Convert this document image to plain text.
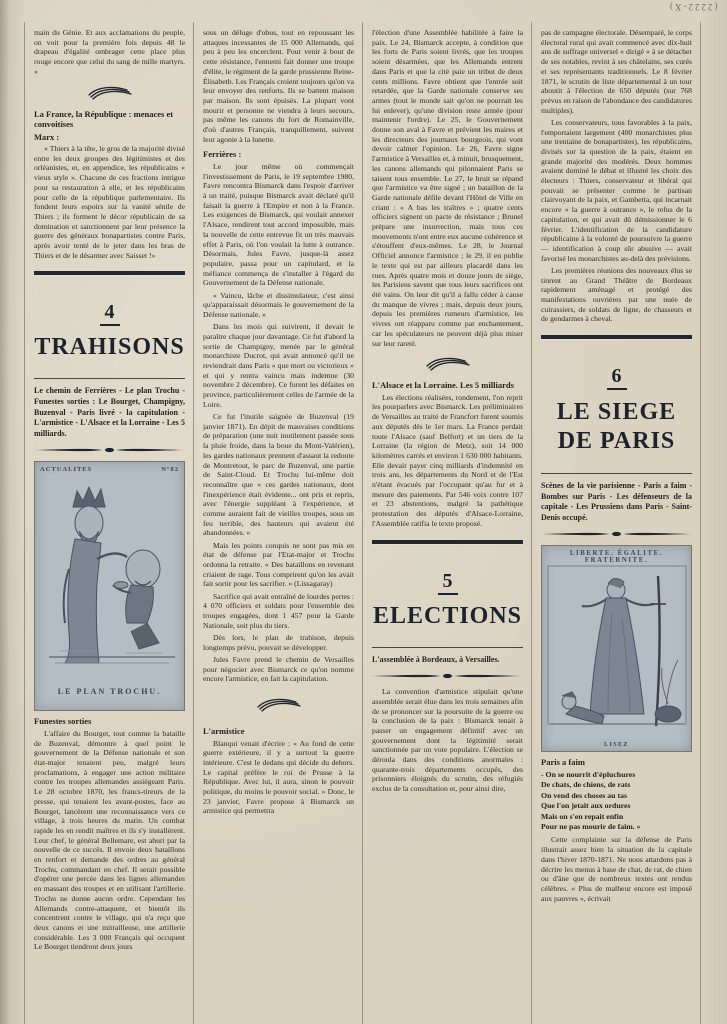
(2222-X)

main du Génie. Et aux acclamations du peuple, on voit pour la première fois depuis 48 le drapeau d'égalité ombrager cette place plus rouge encore que celui du sang de mille martyrs. »

La France, la République : menaces et convoitises
Marx :

« Thiers à la tête, le gros de la majorité divisé entre les deux groupes des légitimistes et des orléanistes, et, en appendice, les républicains « vieux style ». Chacune de ces fractions intrigue pour sa restauration à elle, et les républicains pour celle de la république parlementaire. Ils fondent leurs espoirs sur la vanité sénile de Thiers ; ils forment le décor républicain de sa domination et sanctionnent par leur présence la guerre des généraux bonapartistes contre Paris, après avoir tenté de le jeter dans les bras de Thiers et de le désarmer avec Saisset !»

4
TRAHISONS

Le chemin de Ferrières - Le plan Trochu - Funestes sorties : Le Bourget, Champigny, Buzenval - Paris livré - la capitulation - L'armistice - L'Alsace et la Lorraine - Les 5 milliards.

ACTUALITES	N°82
LE PLAN TROCHU.
Funestes sorties

L'affaire du Bourget, tout comme la bataille de Buzenval, démontre à quel point le gouvernement de la Défense nationale et son état-major tenaient peu, malgré leurs proclamations, à engager une action militaire contre les troupes allemandes assiégeant Paris. Le 28 octobre 1870, les francs-tireurs de la presse, qui tenaient les avant-postes, face au Bourget, lancèrent une reconnaissance vers ce village, à trois heures du matin. Un combat rapide les en rendit maîtres et ils s'y installèrent. Leur chef, le général Bellemare, est ahuri par la nouvelle de ce succès. Il envoie deux bataillons en renfort et demande des ordres au général Trochu, commandant en chef. Il serait possible d'opérer une percée dans les lignes allemandes en massant des troupes et en utilisant l'artillerie. Trochu ne donne aucun ordre. Cependant les Allemands contre-attaquent, et bientôt ils concentrent contre le village, qui n'a reçu que deux canons et une mitrailleuse, une artillerie considérable. Les 3 000 Français qui occupent Le Bourget tiendront deux jours

sous un déluge d'obus, tout en repoussant les attaques incessantes de 15 000 Allemands, qui peu à peu les encerclent. Pour venir à bout de cette résistance, l'ennemi fait donner une troupe d'élite, le régiment de la garde prussienne Reine-Élisabeth. Les Français croient toujours qu'on va leur envoyer des renforts. Ils se battent maison par maison. Ils sont épuisés. La plupart vont mourir et personne ne viendra à leurs secours, pas même les canons du fort de Romainville, d'où d'autres Français, tranquillement, suivent leur agonie à la lunette.

Ferrières :

Le jour même où commençait l'investissement de Paris, le 19 septembre 1980, Favre rencontra Bismarck dans l'espoir d'arriver à un traité, puisque Bismarck avait déclaré qu'il faisait la guerre à l'Empire et non à la France. Les exigences de Bismarck, qui voulait annexer l'Alsace, rendirent tout accord impossible, mais la nouvelle de cette entrevue fit un très mauvais effet à Paris, où l'on voulait la lutte à outrance. Désormais, Jules Favre, jusque-là assez populaire, passa pour un capitulard, et la méfiance commença de s'installer à l'égard du Gouvernement de la Défense nationale.

« Vaincu, lâche et dissimulateur, c'est ainsi qu'apparaissait désormais le gouvernement de la Défense nationale. »

Dans les mois qui suivirent, il devait le paraître chaque jour davantage. Ce fut d'abord la sortie de Champigny, menée par le général monarchiste Ducrot, qui avait annoncé qu'il ne reviendrait dans Paris « que mort ou victorieux » et qui y rentra vaincu mais indemne (30 novembre 2 décembre). Ce furent les défaites en province, particulièrement celles de l'armée de la Loire.

Ce fut l'inutile saignée de Buzenval (19 janvier 1871). En dépit de mauvaises conditions de préparation (une nuit inutilement passée sous la pluie froide, dans la boue du Mont-Valérien), les gardes nationaux prennent d'assaut la redoute de Montretout, le parc de Buzenval, une partie de Saint-Cloud. Et Trochu lui-même doit reconnaître que « ces gardes nationaux, dont l'inexpérience était évidente... ont pris et repris, avec l'énergie suppléant à l'expérience, et comme auraient fait de vieilles troupes, sous un feu terrible, des hauteurs qui avaient été abandonnées. »

Mais les points conquis ne sont pas mis en état de défense par l'Etat-major et Trochu ordonna la retraite. « Des bataillons en revenant criaient de rage. Tous comprirent qu'on les avait fait sortir pour les sacrifier. » (Lissagaray)

Sacrifice qui avait entraîné de lourdes pertes : 4 070 officiers et soldats pour l'ensemble des troupes engagées, dont 1 457 pour la Garde Nationale, soit plus du tiers.

Dès lors, le plan de trahison, depuis longtemps prévu, pouvait se développer.

Jules Favre prend le chemin de Versailles pour négocier avec Bismarck ce qu'on nomme encore l'armistice, en fait la capitulation.

L'armistice

Blanqui venait d'écrire : « Au fond de cette guerre extérieure, il y a surtout la guerre intérieure. C'est le dedans qui décide du dehors. Le capital préfère le roi de Prusse à la République. Avec lui, il aura, sinon le pouvoir politique, du moins le pouvoir social. » Donc, le 23 janvier, Favre propose à Bismarck un armistice qui permettra

l'élection d'une Assemblée habilitée à faire la paix. Le 24, Bismarck accepte, à condition que les forts de Paris soient livrés, que les troupes soient désarmées, que les Allemands entrent dans Paris et que la cité paie un tribut de deux cents millions. Favre obtient que l'entrée soit retardée, que la Garde nationale conserve ses armes (tout le monde sait qu'on ne pourrait les lui enlever), qu'une division reste armée (pour maintenir l'ordre). Le 25, le Gouvernement donne son aval à Favre et prévient les maires et les directeurs des journaux bourgeois, qui vont devoir calmer l'opinion. Le 26, Favre signe l'armistice à Versailles et, à minuit, brusquement, les canons allemands qui pilonnaient Paris se taisent tous ensemble. Le 27, le bruit se répand que l'armistice va être signé ; un bataillon de la Garde nationale défile devant l'Hôtel de Ville en criant : « A bas les traîtres » ; quatre cents officiers signent un pacte de résistance ; Brunel prépare une insurrection, mais tous ces mouvements n'ont entre eux aucune cohérence et s'étouffent d'eux-mêmes. Le 28, le Journal Officiel annonce l'armistice ; le 29, il en publie le texte qui est par ailleurs placardé dans les rues. Après quatre mois et douze jours de siège, les Parisiens savent que tous leurs sacrifices ont été vains. On leur dit qu'il a fallu céder à cause du manque de vivres ; mais, depuis deux jours, depuis les premières rumeurs d'armistice, les vivres ont réapparu comme par enchantement, car les spéculateurs ne peuvent déjà plus miser sur leur rareté.

L'Alsace et la Lorraine. Les 5 milliards

Les élections réalisées, rondement, l'on reprit les pourparlers avec Bismarck. Les préliminaires de Versailles au traité de Francfort furent soumis aux députés dès le 1er mars. La France perdait toute l'Alsace (sauf Belfort) et un tiers de la Lorraine (la région de Metz), soit 14 000 kilomètres carrés et environ 1 630 000 habitants. Elle devait payer cinq milliards d'indemnité en trois ans, les départements du Nord et de l'Est n'étant évacués par l'occupant qu'au fur et à mesure des paiements. Par 546 voix contre 107 et 23 abstentions, malgré la pathétique protestation des députés d'Alsace-Lorraine, l'Assemblée ratifia le texte proposé.

5
ELECTIONS

L'assemblée à Bordeaux, à Versailles.

La convention d'armistice stipulait qu'une assemblée serait élue dans les trois semaines afin de se prononcer sur la poursuite de la guerre ou la conclusion de la paix : Bismarck tenait à passer un engagement définitif avec un gouvernement dont la légitimité serait sanctionnée par un vote populaire. L'élection se déroula dans des conditions anormales : quarante-trois départements occupés, des prisonniers éloignés du scrutin, des réfugiés exclus de la consultation et, pour ainsi dire,

pas de campagne électorale. Désemparé, le corps électoral rural qui avait commencé avec dix-huit ans de suffrage universel « dirigé » à se détacher de ses notables, revint à ses châtelains, ses curés et ses représentants traditionnels. Le 8 février 1871, le scrutin de liste départemental à un tour aboutit à l'élection de 650 députés (sur 768 prévus en raison de l'abondance des candidatures multiples).

Les conservateurs, tous favorables à la paix, l'emportaient largement (400 monarchistes plus une trentaine de bonapartistes), les républicains, divisés sur la question de la paix, étaient en grande majorité des modérés. Deux hommes avaient dominé le débat et illustré les choix des électeurs : Thiers, conservateur et libéral qui pouvait se présenter comme le partisan clairvoyant de la paix, et Gambetta, qui incarnait encore « la guerre à outrance », le refus de la capitulation, et qui avait dû démissionner le 6 février. L'identification de la candidature républicaine à la volonté de poursuivre la guerre — identification à coup sûr abusive — avait favorisé les monarchistes au-delà des prévisions.

Les premières réunions des nouveaux élus se tinrent au Grand Théâtre de Bordeaux rapidement aménagé et protégé des manifestations ouvrières par une nuée de cuirassiers, de soldats de ligne, de chasseurs et de gendarmes à cheval.

6
LE SIEGE
DE PARIS

Scènes de la vie parisienne - Paris a faim - Bombes sur Paris - Les défenseurs de la capitale - Les Prussiens dans Paris - Saint-Denis occupé.

LIBERTE. ÉGALITE. FRATERNITE.
LISEZ
Paris a faim
- On se nourrit d'épluchures
De chats, de chiens, de rats
On vend des choses au tas
Que l'on jetait aux ordures
Mais on s'en repait enfin
Pour ne pas mourir de faim. »

Cette complainte sur la défense de Paris illustrait assez bien la situation de la capitale dans l'hiver 1870-1871. Ne nous attardons pas à décrire les menus à base de chat, de rat, de chien ou d'âne que de nombreux textes ont rendus célèbres. « Plus de malheur encore est imposé aux pauvres », écrivait
